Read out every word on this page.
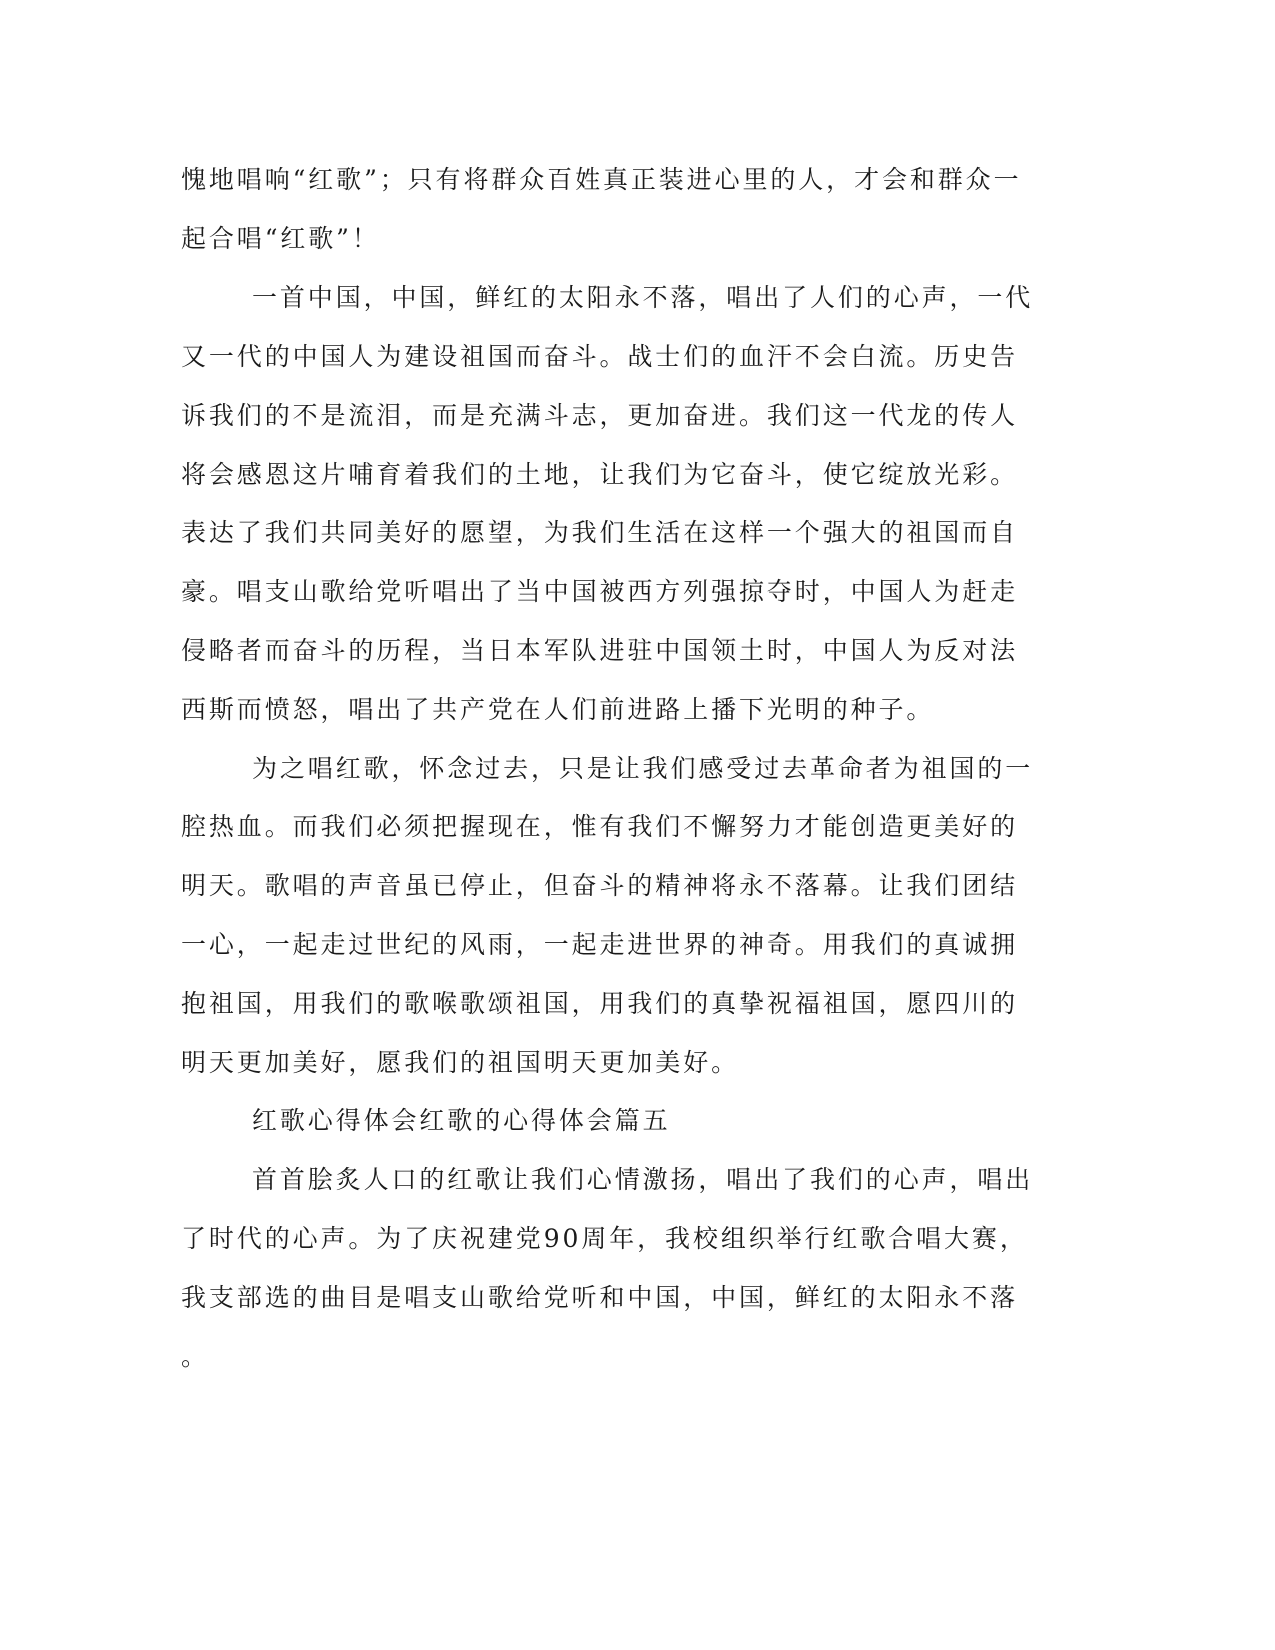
愧地唱响“红歌”；只有将群众百姓真正装进心里的人，才会和群众一
起合唱“红歌”！
一首中国，中国，鲜红的太阳永不落，唱出了人们的心声，一代
又一代的中国人为建设祖国而奋斗。战士们的血汗不会白流。历史告
诉我们的不是流泪，而是充满斗志，更加奋进。我们这一代龙的传人
将会感恩这片哺育着我们的土地，让我们为它奋斗，使它绽放光彩。
表达了我们共同美好的愿望，为我们生活在这样一个强大的祖国而自
豪。唱支山歌给党听唱出了当中国被西方列强掠夺时，中国人为赶走
侵略者而奋斗的历程，当日本军队进驻中国领土时，中国人为反对法
西斯而愤怒，唱出了共产党在人们前进路上播下光明的种子。
为之唱红歌，怀念过去，只是让我们感受过去革命者为祖国的一
腔热血。而我们必须把握现在，惟有我们不懈努力才能创造更美好的
明天。歌唱的声音虽已停止，但奋斗的精神将永不落幕。让我们团结
一心，一起走过世纪的风雨，一起走进世界的神奇。用我们的真诚拥
抱祖国，用我们的歌喉歌颂祖国，用我们的真挚祝福祖国，愿四川的
明天更加美好，愿我们的祖国明天更加美好。
红歌心得体会红歌的心得体会篇五
首首脍炙人口的红歌让我们心情激扬，唱出了我们的心声，唱出
了时代的心声。为了庆祝建党90周年，我校组织举行红歌合唱大赛，
我支部选的曲目是唱支山歌给党听和中国，中国，鲜红的太阳永不落
。
